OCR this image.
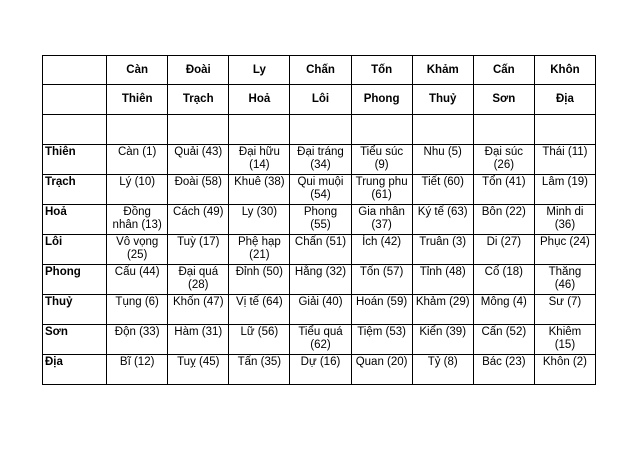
	Càn	Đoài	Ly	Chấn	Tốn	Khảm	Cấn	Khôn
	Thiên	Trạch	Hoả	Lôi	Phong	Thuỷ	Sơn	Địa

Thiên	Càn (1)	Quải (43)	Đại hữu (14)	Đại tráng (34)	Tiểu súc (9)	Nhu (5)	Đại súc (26)	Thái (11)
Trạch	Lý (10)	Đoài (58)	Khuê (38)	Qui muội (54)	Trung phu (61)	Tiết (60)	Tổn (41)	Lâm (19)
Hoả	Đồng nhân (13)	Cách (49)	Ly (30)	Phong (55)	Gia nhân (37)	Ký tế (63)	Bôn (22)	Minh di (36)
Lôi	Vô vọng (25)	Tuỳ (17)	Phệ hạp (21)	Chấn (51)	Ích (42)	Truân (3)	Di (27)	Phục (24)
Phong	Cấu (44)	Đại quá (28)	Đỉnh (50)	Hằng (32)	Tốn (57)	Tỉnh (48)	Cổ (18)	Thăng (46)
Thuỷ	Tụng (6)	Khốn (47)	Vị tế (64)	Giải (40)	Hoán (59)	Khảm (29)	Mông (4)	Sư (7)
Sơn	Độn (33)	Hàm (31)	Lữ (56)	Tiểu quá (62)	Tiệm (53)	Kiển (39)	Cấn (52)	Khiêm (15)
Địa	Bĩ (12)	Tuỵ (45)	Tấn (35)	Dự (16)	Quan (20)	Tỷ (8)	Bác (23)	Khôn (2)
